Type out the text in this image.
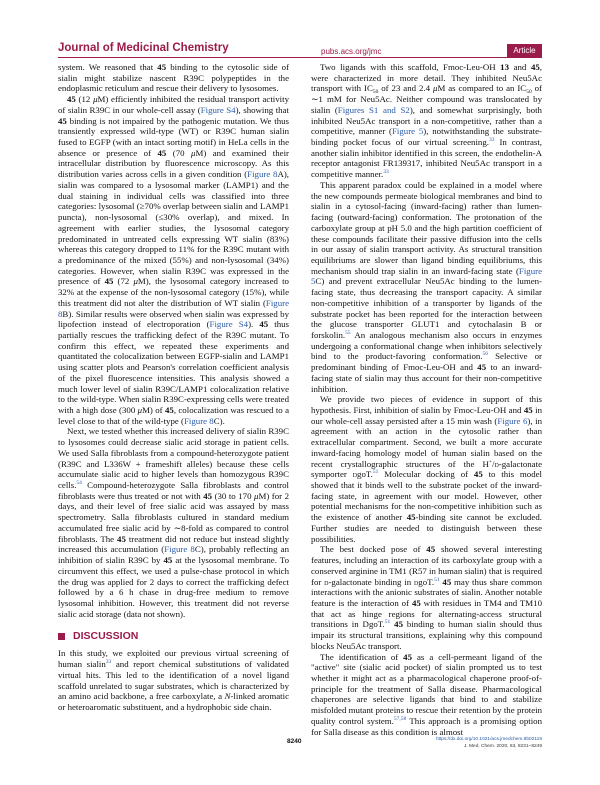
Journal of Medicinal Chemistry	pubs.acs.org/jmc	Article

system. We reasoned that 45 binding to the cytosolic side of sialin might stabilize nascent R39C polypeptides in the endoplasmic reticulum and rescue their delivery to lysosomes.

45 (12 μM) efficiently inhibited the residual transport activity of sialin R39C in our whole-cell assay (Figure S4), showing that 45 binding is not impaired by the pathogenic mutation. We thus transiently expressed wild-type (WT) or R39C human sialin fused to EGFP (with an intact sorting motif) in HeLa cells in the absence or presence of 45 (70 μM) and examined their intracellular distribution by fluorescence microscopy. As this distribution varies across cells in a given condition (Figure 8A), sialin was compared to a lysosomal marker (LAMP1) and the dual staining in individual cells was classified into three categories: lysosomal (≥70% overlap between sialin and LAMP1 puncta), non-lysosomal (≤30% overlap), and mixed. In agreement with earlier studies, the lysosomal category predominated in untreated cells expressing WT sialin (83%) whereas this category dropped to 11% for the R39C mutant with a predominance of the mixed (55%) and non-lysosomal (34%) categories. However, when sialin R39C was expressed in the presence of 45 (72 μM), the lysosomal category increased to 32% at the expense of the non-lysosomal category (15%), while this treatment did not alter the distribution of WT sialin (Figure 8B). Similar results were observed when sialin was expressed by lipofection instead of electroporation (Figure S4). 45 thus partially rescues the trafficking defect of the R39C mutant. To confirm this effect, we repeated these experiments and quantitated the colocalization between EGFP-sialin and LAMP1 using scatter plots and Pearson's correlation coefficient analysis of the pixel fluorescence intensities. This analysis showed a much lower level of sialin R39C/LAMP1 colocalization relative to the wild-type. When sialin R39C-expressing cells were treated with a high dose (300 μM) of 45, colocalization was rescued to a level close to that of the wild-type (Figure 8C).

Next, we tested whether this increased delivery of sialin R39C to lysosomes could decrease sialic acid storage in patient cells. We used Salla fibroblasts from a compound-heterozygote patient (R39C and L336W + frameshift alleles) because these cells accumulate sialic acid to higher levels than homozygous R39C cells.$^{54}$ Compound-heterozygote Salla fibroblasts and control fibroblasts were thus treated or not with 45 (30 to 170 μM) for 2 days, and their level of free sialic acid was assayed by mass spectrometry. Salla fibroblasts cultured in standard medium accumulated free sialic acid by ∼8-fold as compared to control fibroblasts. The 45 treatment did not reduce but instead slightly increased this accumulation (Figure 8C), probably reflecting an inhibition of sialin R39C by 45 at the lysosomal membrane. To circumvent this effect, we used a pulse-chase protocol in which the drug was applied for 2 days to correct the trafficking defect followed by a 6 h chase in drug-free medium to remove lysosomal inhibition. However, this treatment did not reverse sialic acid storage (data not shown).

DISCUSSION

In this study, we exploited our previous virtual screening of human sialin$^{33}$ and report chemical substitutions of validated virtual hits. This led to the identification of a novel ligand scaffold unrelated to sugar substrates, which is characterized by an amino acid backbone, a free carboxylate, a N-linked aromatic or heteroaromatic substituent, and a hydrophobic side chain.

Two ligands with this scaffold, Fmoc-Leu-OH 13 and 45, were characterized in more detail. They inhibited Neu5Ac transport with $IC_{50}$ of 23 and 2.4 μM as compared to an $IC_{50}$ of ∼1 mM for Neu5Ac. Neither compound was translocated by sialin (Figures S1 and S2), and somewhat surprisingly, both inhibited Neu5Ac transport in a non-competitive, rather than a competitive, manner (Figure 5), notwithstanding the substrate-binding pocket focus of our virtual screening.$^{33}$ In contrast, another sialin inhibitor identified in this screen, the endothelin-A receptor antagonist FR139317, inhibited Neu5Ac transport in a competitive manner.$^{33}$

This apparent paradox could be explained in a model where the new compounds permeate biological membranes and bind to sialin in a cytosol-facing (inward-facing) rather than lumen-facing (outward-facing) conformation. The protonation of the carboxylate group at pH 5.0 and the high partition coefficient of these compounds facilitate their passive diffusion into the cells in our assay of sialin transport activity. As structural transition equilibriums are slower than ligand binding equilibriums, this mechanism should trap sialin in an inward-facing state (Figure 5C) and prevent extracellular Neu5Ac binding to the lumen-facing state, thus decreasing the transport capacity. A similar non-competitive inhibition of a transporter by ligands of the substrate pocket has been reported for the interaction between the glucose transporter GLUT1 and cytochalasin B or forskolin.$^{55}$ An analogous mechanism also occurs in enzymes undergoing a conformational change when inhibitors selectively bind to the product-favoring conformation.$^{56}$ Selective or predominant binding of Fmoc-Leu-OH and 45 to an inward-facing state of sialin may thus account for their non-competitive inhibition.

We provide two pieces of evidence in support of this hypothesis. First, inhibition of sialin by Fmoc-Leu-OH and 45 in our whole-cell assay persisted after a 15 min wash (Figure 6), in agreement with an action in the cytosolic rather than extracellular compartment. Second, we built a more accurate inward-facing homology model of human sialin based on the recent crystallographic structures of the H+/d-galactonate symporter dgoT.$^{51}$ Molecular docking of 45 to this model showed that it binds well to the substrate pocket of the inward-facing state, in agreement with our model. However, other potential mechanisms for the non-competitive inhibition such as the existence of another 45-binding site cannot be excluded. Further studies are needed to distinguish between these possibilities.

The best docked pose of 45 showed several interesting features, including an interaction of its carboxylate group with a conserved arginine in TM1 (R57 in human sialin) that is required for d-galactonate binding in dgoT.$^{51}$ 45 may thus share common interactions with the anionic substrates of sialin. Another notable feature is the interaction of 45 with residues in TM4 and TM10 that act as hinge regions for alternating-access structural transitions in DgoT.$^{51}$ 45 binding to human sialin should thus impair its structural transitions, explaining why this compound blocks Neu5Ac transport.

The identification of 45 as a cell-permeant ligand of the "active" site (sialic acid pocket) of sialin prompted us to test whether it might act as a pharmacological chaperone proof-of-principle for the treatment of Salla disease. Pharmacological chaperones are selective ligands that bind to and stabilize misfolded mutant proteins to rescue their retention by the protein quality control system.$^{57,58}$ This approach is a promising option for Salla disease as this condition is almost

8240	https://dx.doi.org/10.1021/acs.jmedchem.9b02119
J. Med. Chem. 2020, 63, 8231−8249
